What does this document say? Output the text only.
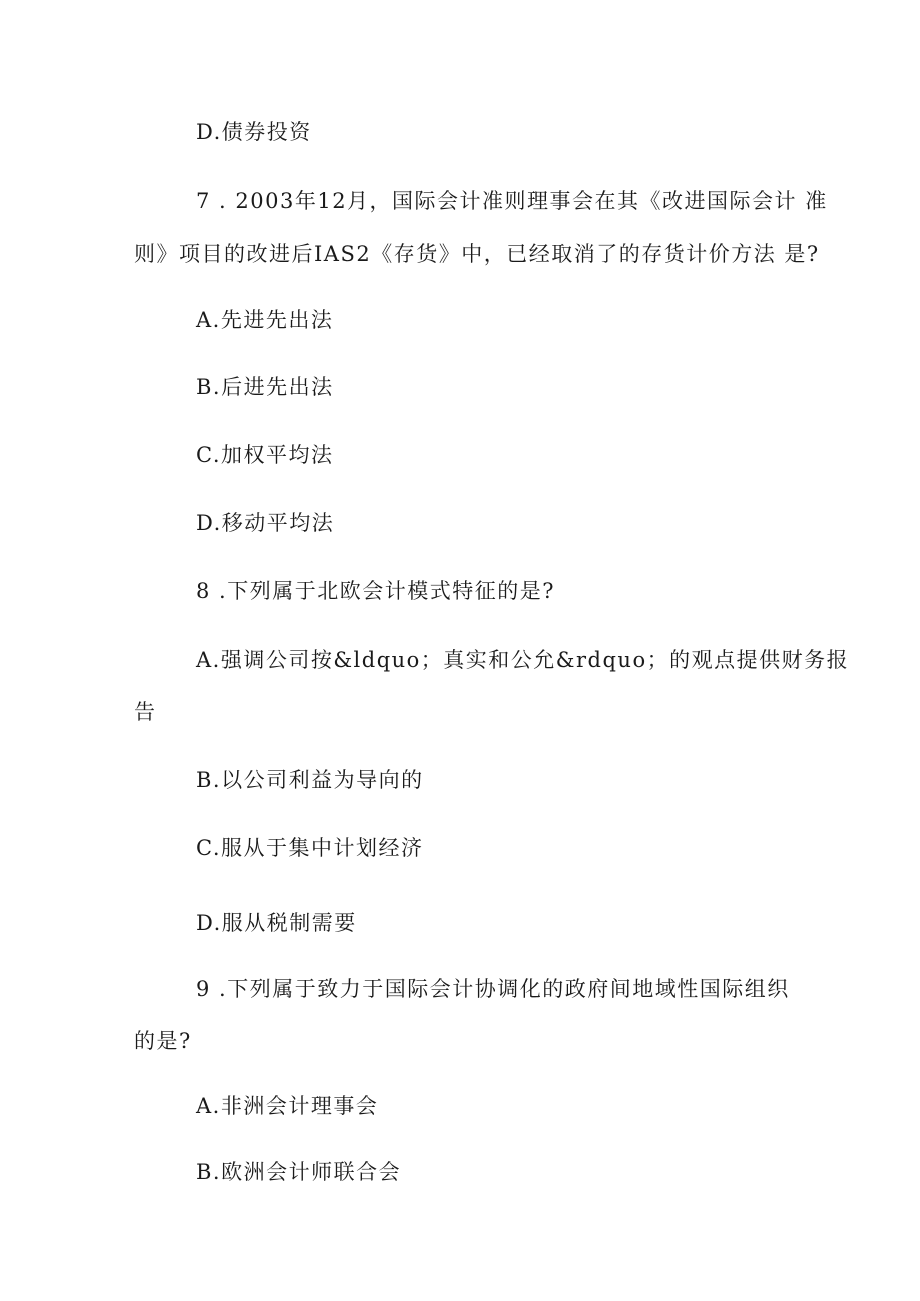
D.债券投资
7 . 2003年12月，国际会计准则理事会在其《改进国际会计 准
则》项目的改进后IAS2《存货》中，已经取消了的存货计价方法 是?
A.先进先出法
B.后进先出法
C.加权平均法
D.移动平均法
8 .下列属于北欧会计模式特征的是?
A.强调公司按&ldquo；真实和公允&rdquo；的观点提供财务报
告
B.以公司利益为导向的
C.服从于集中计划经济
D.服从税制需要
9 .下列属于致力于国际会计协调化的政府间地域性国际组织
的是?
A.非洲会计理事会
B.欧洲会计师联合会
